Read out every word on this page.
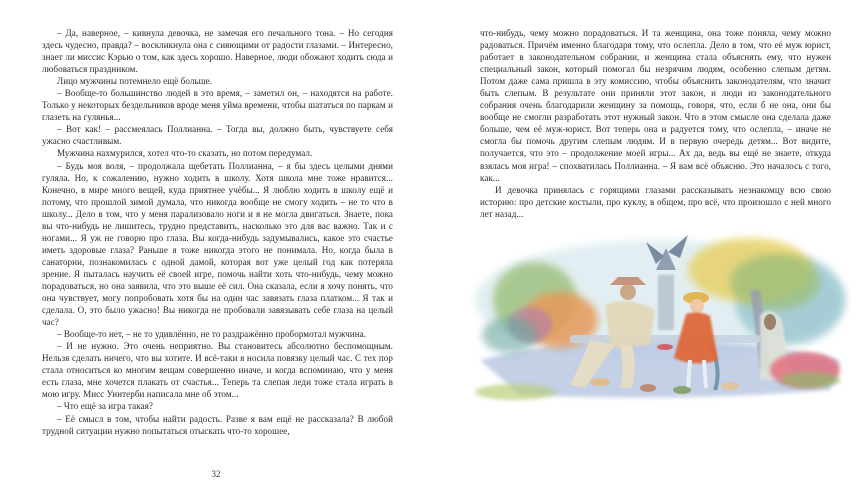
– Да, наверное, – кивнула девочка, не замечая его печального тона. – Но сегодня здесь чудесно, правда? – воскликнула она с сияющими от радости глазами. – Интересно, знает ли миссис Кэрью о том, как здесь хорошо. Наверное, люди обожают ходить сюда и любоваться праздником.

Лицо мужчины потемнело ещё больше.

– Вообще-то большинство людей в это время, – заметил он, – находятся на работе. Только у некоторых бездельников вроде меня уйма времени, чтобы шататься по паркам и глазеть на гулянья...

– Вот как! – рассмеялась Поллианна. – Тогда вы, должно быть, чувствуете себя ужасно счастливым.

Мужчина нахмурился, хотел что-то сказать, но потом передумал.

– Будь моя воля, – продолжала щебетать Поллианна, – я бы здесь целыми днями гуляла. Но, к сожалению, нужно ходить в школу. Хотя школа мне тоже нравится... Конечно, в мире много вещей, куда приятнее учёбы... Я люблю ходить в школу ещё и потому, что прошлой зимой думала, что никогда вообще не смогу ходить – не то что в школу... Дело в том, что у меня парализовало ноги и я не могла двигаться. Знаете, пока вы что-нибудь не лишитесь, трудно представить, насколько это для вас важно. Так и с ногами... Я уж не говорю про глаза. Вы когда-нибудь задумывались, какое это счастье иметь здоровые глаза? Раньше я тоже никогда этого не понимала. Но, когда была в санатории, познакомилась с одной дамой, которая вот уже целый год как потеряла зрение. Я пыталась научить её своей игре, помочь найти хоть что-нибудь, чему можно порадоваться, но она заявила, что это выше её сил. Она сказала, если я хочу понять, что она чувствует, могу попробовать хотя бы на один час завязать глаза платком... Я так и сделала. О, это было ужасно! Вы никогда не пробовали завязывать себе глаза на целый час?

– Вообще-то нет, – не то удивлённо, не то раздражённо пробормотал мужчина.

– И не нужно. Это очень неприятно. Вы становитесь абсолютно беспомощным. Нельзя сделать ничего, что вы хотите. И всё-таки я носила повязку целый час. С тех пор стала относиться ко многим вещам совершенно иначе, и когда вспоминаю, что у меня есть глаза, мне хочется плакать от счастья... Теперь та слепая леди тоже стала играть в мою игру. Мисс Уинтерби написала мне об этом...

– Что ещё за игра такая?

– Её смысл в том, чтобы найти радость. Разве я вам ещё не рассказала? В любой трудной ситуации нужно попытаться отыскать что-то хорошее,

32

что-нибудь, чему можно порадоваться. И та женщина, она тоже поняла, чему можно радоваться. Причём именно благодаря тому, что ослепла. Дело в том, что её муж юрист, работает в законодательном собрании, и женщина стала объяснять ему, что нужен специальный закон, который помогал бы незрячим людям, особенно слепым детям. Потом даже сама пришла в эту комиссию, чтобы объяснить законодателям, что значит быть слепым. В результате они приняли этот закон, и люди из законодательного собрания очень благодарили женщину за помощь, говоря, что, если б не она, они бы вообще не смогли разработать этот нужный закон. Что в этом смысле она сделала даже больше, чем её муж-юрист. Вот теперь она и радуется тому, что ослепла, – иначе не смогла бы помочь другим слепым людям. И в первую очередь детям... Вот видите, получается, что это – продолжение моей игры... Ах да, ведь вы ещё не знаете, откуда взялась моя игра! – спохватилась Поллианна. – Я вам всё объясню. Это началось с того, как...

И девочка принялась с горящими глазами рассказывать незнакомцу всю свою историю: про детские костыли, про куклу, в общем, про всё, что произошло с ней много лет назад...
